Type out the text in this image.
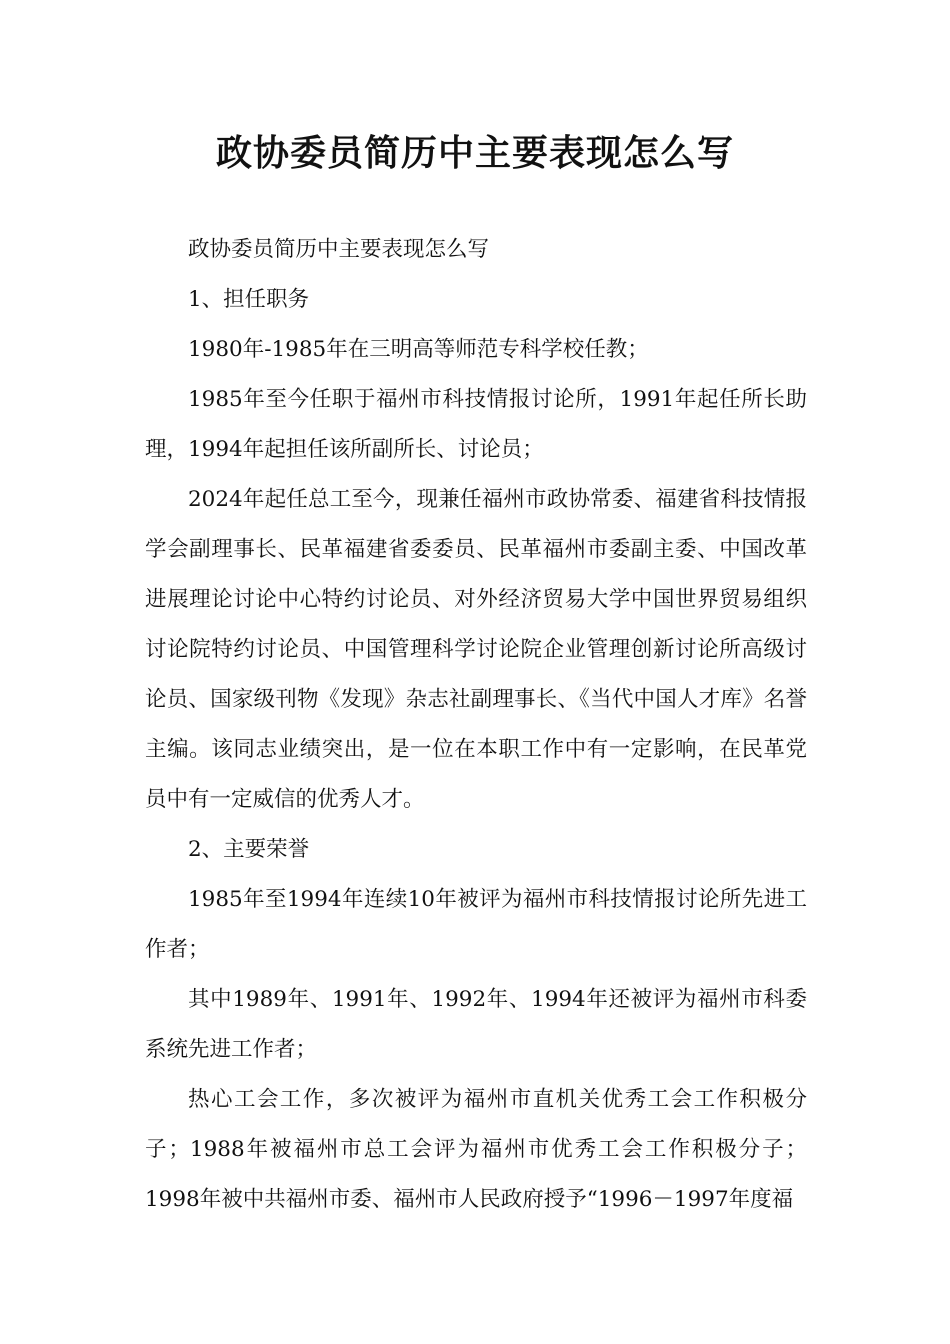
政协委员简历中主要表现怎么写

政协委员简历中主要表现怎么写

1、担任职务

1980年-1985年在三明高等师范专科学校任教；

1985年至今任职于福州市科技情报讨论所，1991年起任所长助理，1994年起担任该所副所长、讨论员；

2024年起任总工至今，现兼任福州市政协常委、福建省科技情报学会副理事长、民革福建省委委员、民革福州市委副主委、中国改革进展理论讨论中心特约讨论员、对外经济贸易大学中国世界贸易组织讨论院特约讨论员、中国管理科学讨论院企业管理创新讨论所高级讨论员、国家级刊物《发现》杂志社副理事长、《当代中国人才库》名誉主编。该同志业绩突出，是一位在本职工作中有一定影响，在民革党员中有一定威信的优秀人才。

2、主要荣誉

1985年至1994年连续10年被评为福州市科技情报讨论所先进工作者；

其中1989年、1991年、1992年、1994年还被评为福州市科委系统先进工作者；

热心工会工作，多次被评为福州市直机关优秀工会工作积极分子；1988年被福州市总工会评为福州市优秀工会工作积极分子；1998年被中共福州市委、福州市人民政府授予“1996－1997年度福
